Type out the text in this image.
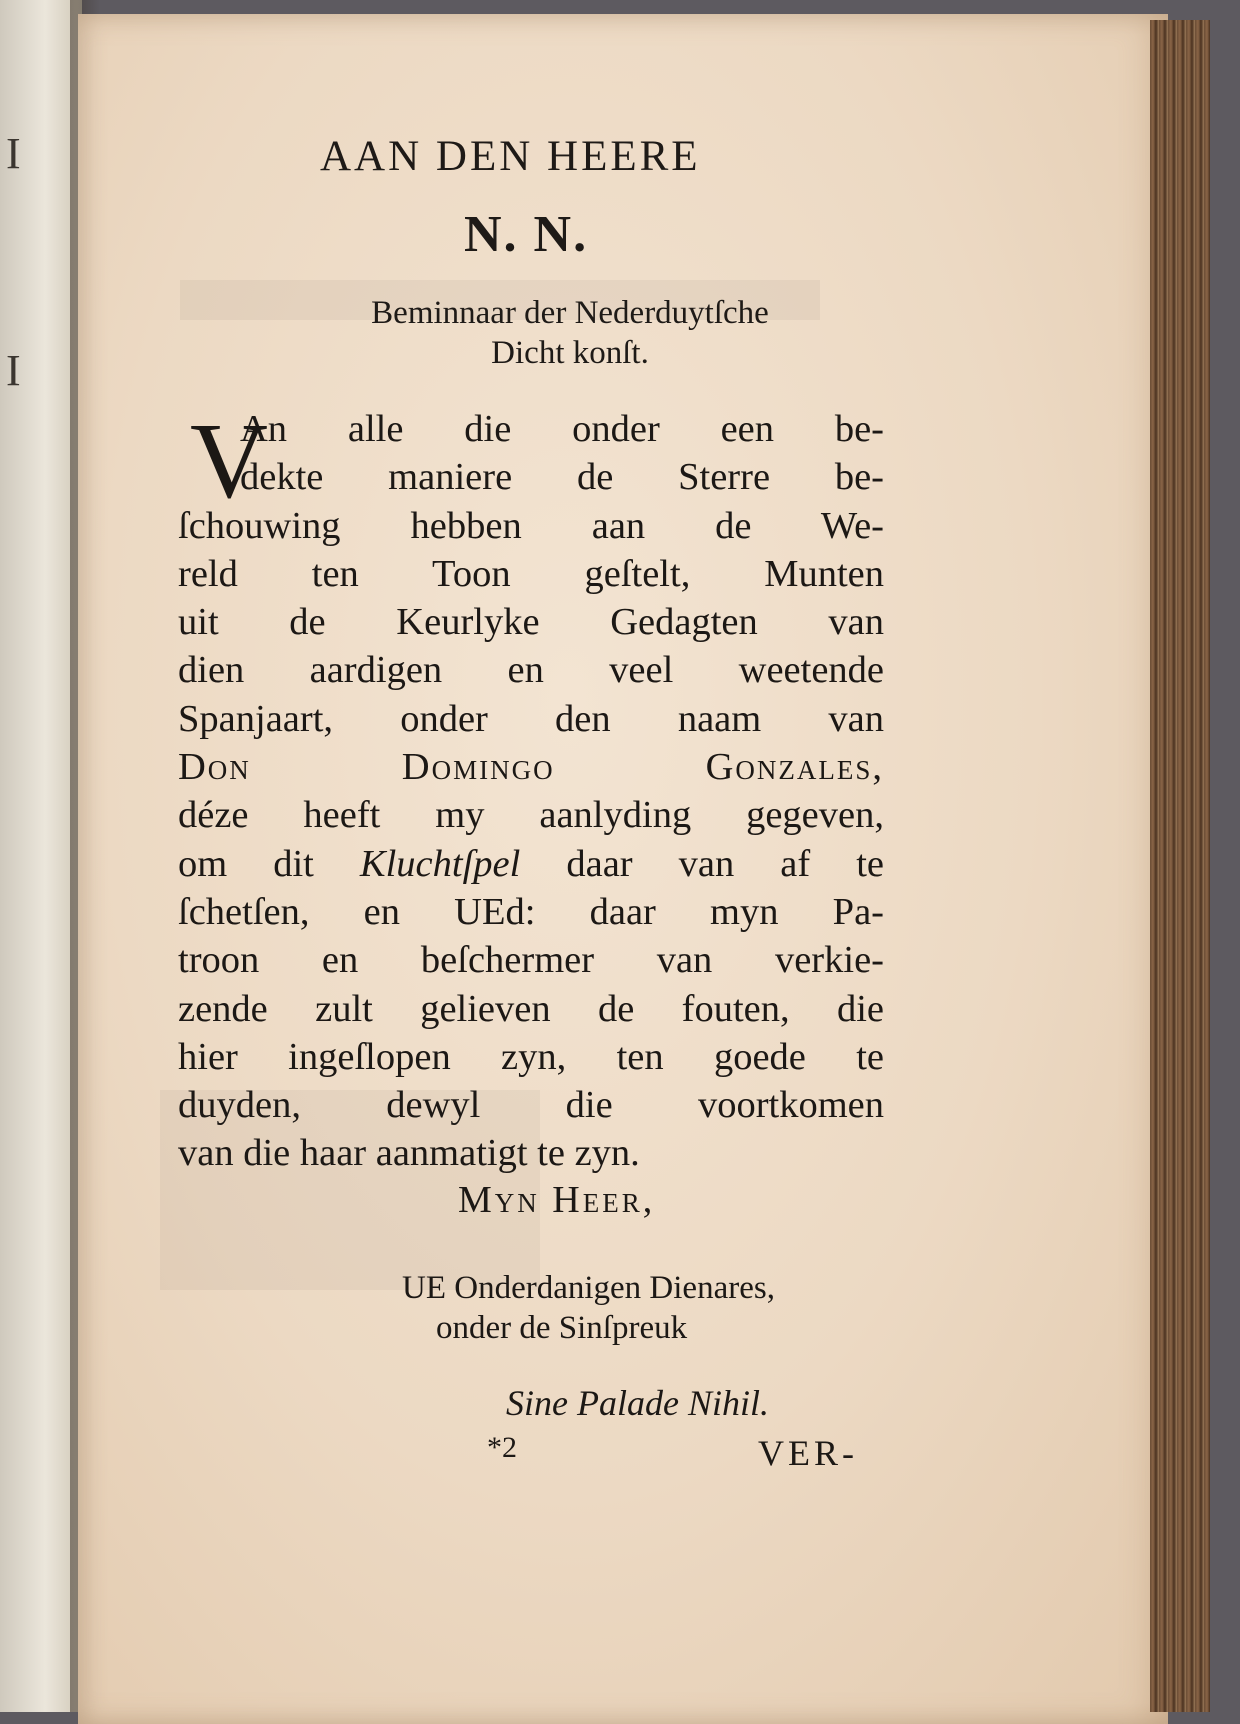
I
I
AAN DEN HEERE
N. N.
Beminnaar der Nederduytſche
Dicht konſt.
V
An alle die onder een be-
dekte maniere de Sterre be-
ſchouwing hebben aan de We-
reld ten Toon geſtelt, Munten
uit de Keurlyke Gedagten van
dien aardigen en veel weetende
Spanjaart, onder den naam van
Don Domingo Gonzales,
déze heeft my aanlyding gegeven,
om dit Kluchtſpel daar van af te
ſchetſen, en UEd: daar myn Pa-
troon en beſchermer van verkie-
zende zult gelieven de fouten, die
hier ingeſlopen zyn, ten goede te
duyden, dewyl die voortkomen
van die haar aanmatigt te zyn.
Myn Heer,
UE Onderdanigen Dienares,
onder de Sinſpreuk
Sine Palade Nihil.
*2	VER-
